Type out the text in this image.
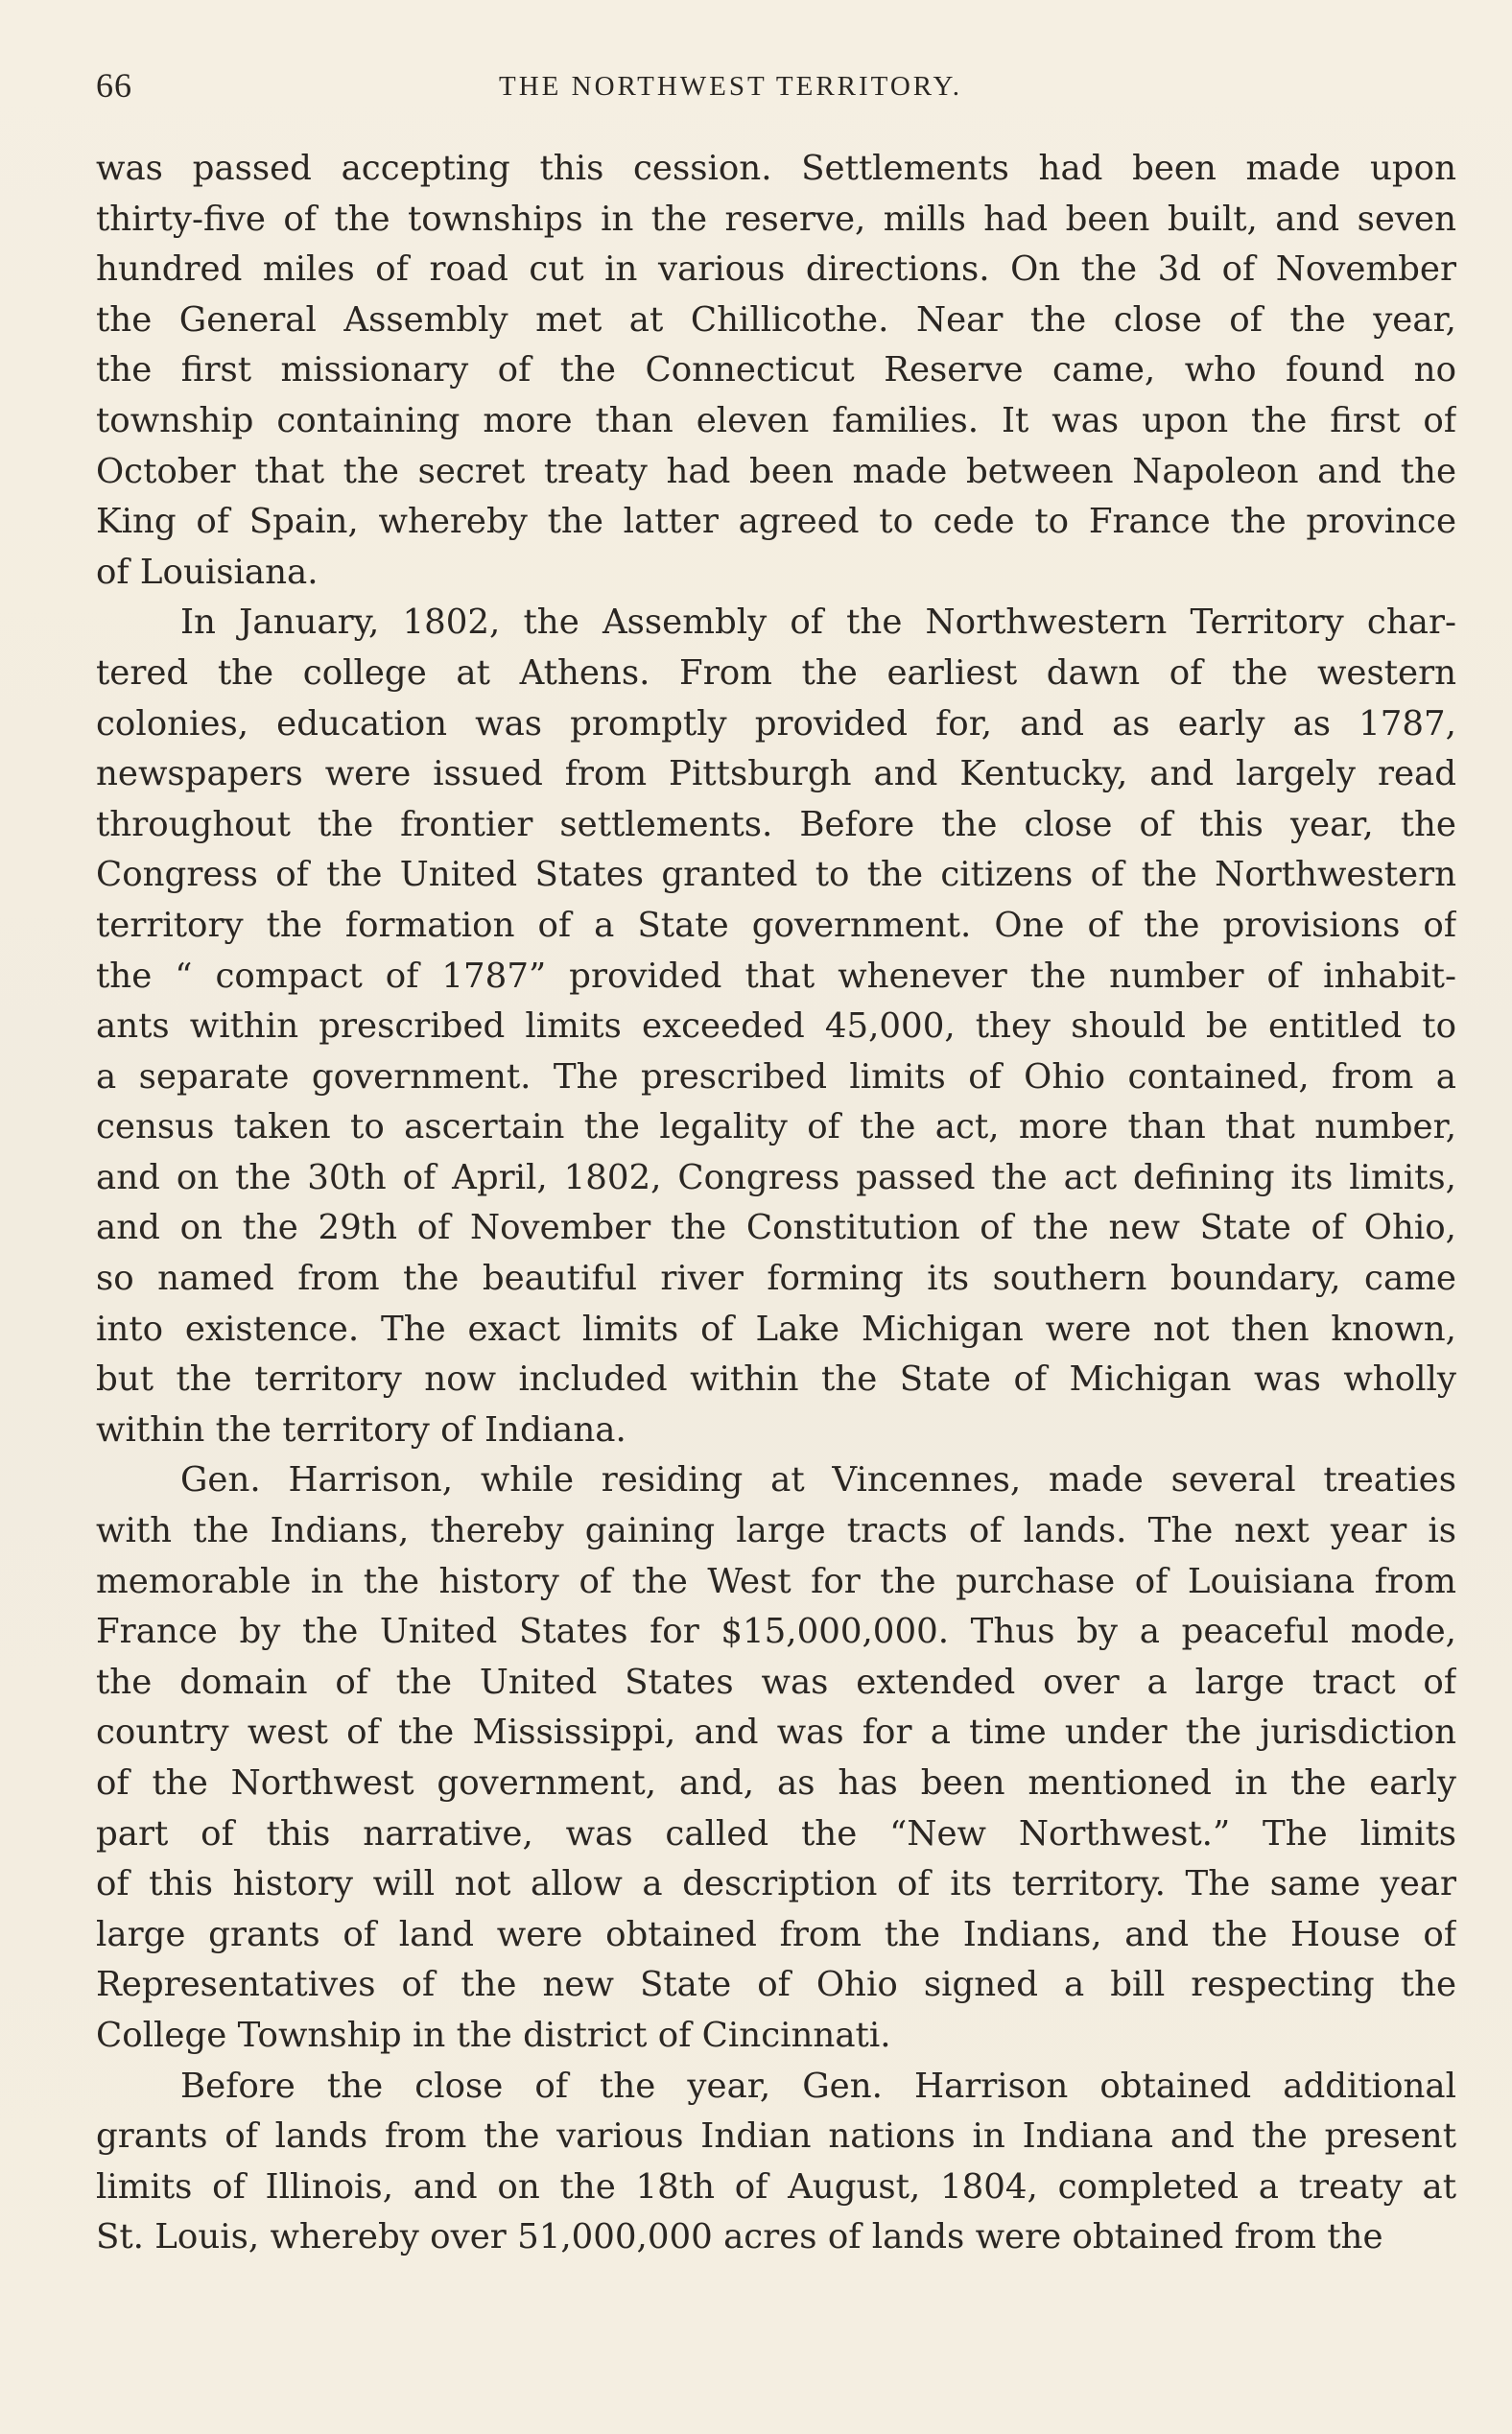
66	THE NORTHWEST TERRITORY.

was passed accepting this cession. Settlements had been made upon
thirty-five of the townships in the reserve, mills had been built, and seven
hundred miles of road cut in various directions. On the 3d of November
the General Assembly met at Chillicothe. Near the close of the year,
the first missionary of the Connecticut Reserve came, who found no
township containing more than eleven families. It was upon the first of
October that the secret treaty had been made between Napoleon and the
King of Spain, whereby the latter agreed to cede to France the province
of Louisiana.

In January, 1802, the Assembly of the Northwestern Territory char-
tered the college at Athens. From the earliest dawn of the western
colonies, education was promptly provided for, and as early as 1787,
newspapers were issued from Pittsburgh and Kentucky, and largely read
throughout the frontier settlements. Before the close of this year, the
Congress of the United States granted to the citizens of the Northwestern
territory the formation of a State government. One of the provisions of
the “ compact of 1787” provided that whenever the number of inhabit-
ants within prescribed limits exceeded 45,000, they should be entitled to
a separate government. The prescribed limits of Ohio contained, from a
census taken to ascertain the legality of the act, more than that number,
and on the 30th of April, 1802, Congress passed the act defining its limits,
and on the 29th of November the Constitution of the new State of Ohio,
so named from the beautiful river forming its southern boundary, came
into existence. The exact limits of Lake Michigan were not then known,
but the territory now included within the State of Michigan was wholly
within the territory of Indiana.

Gen. Harrison, while residing at Vincennes, made several treaties
with the Indians, thereby gaining large tracts of lands. The next year is
memorable in the history of the West for the purchase of Louisiana from
France by the United States for $15,000,000. Thus by a peaceful mode,
the domain of the United States was extended over a large tract of
country west of the Mississippi, and was for a time under the jurisdiction
of the Northwest government, and, as has been mentioned in the early
part of this narrative, was called the “New Northwest.” The limits
of this history will not allow a description of its territory. The same year
large grants of land were obtained from the Indians, and the House of
Representatives of the new State of Ohio signed a bill respecting the
College Township in the district of Cincinnati.

Before the close of the year, Gen. Harrison obtained additional
grants of lands from the various Indian nations in Indiana and the present
limits of Illinois, and on the 18th of August, 1804, completed a treaty at
St. Louis, whereby over 51,000,000 acres of lands were obtained from the
